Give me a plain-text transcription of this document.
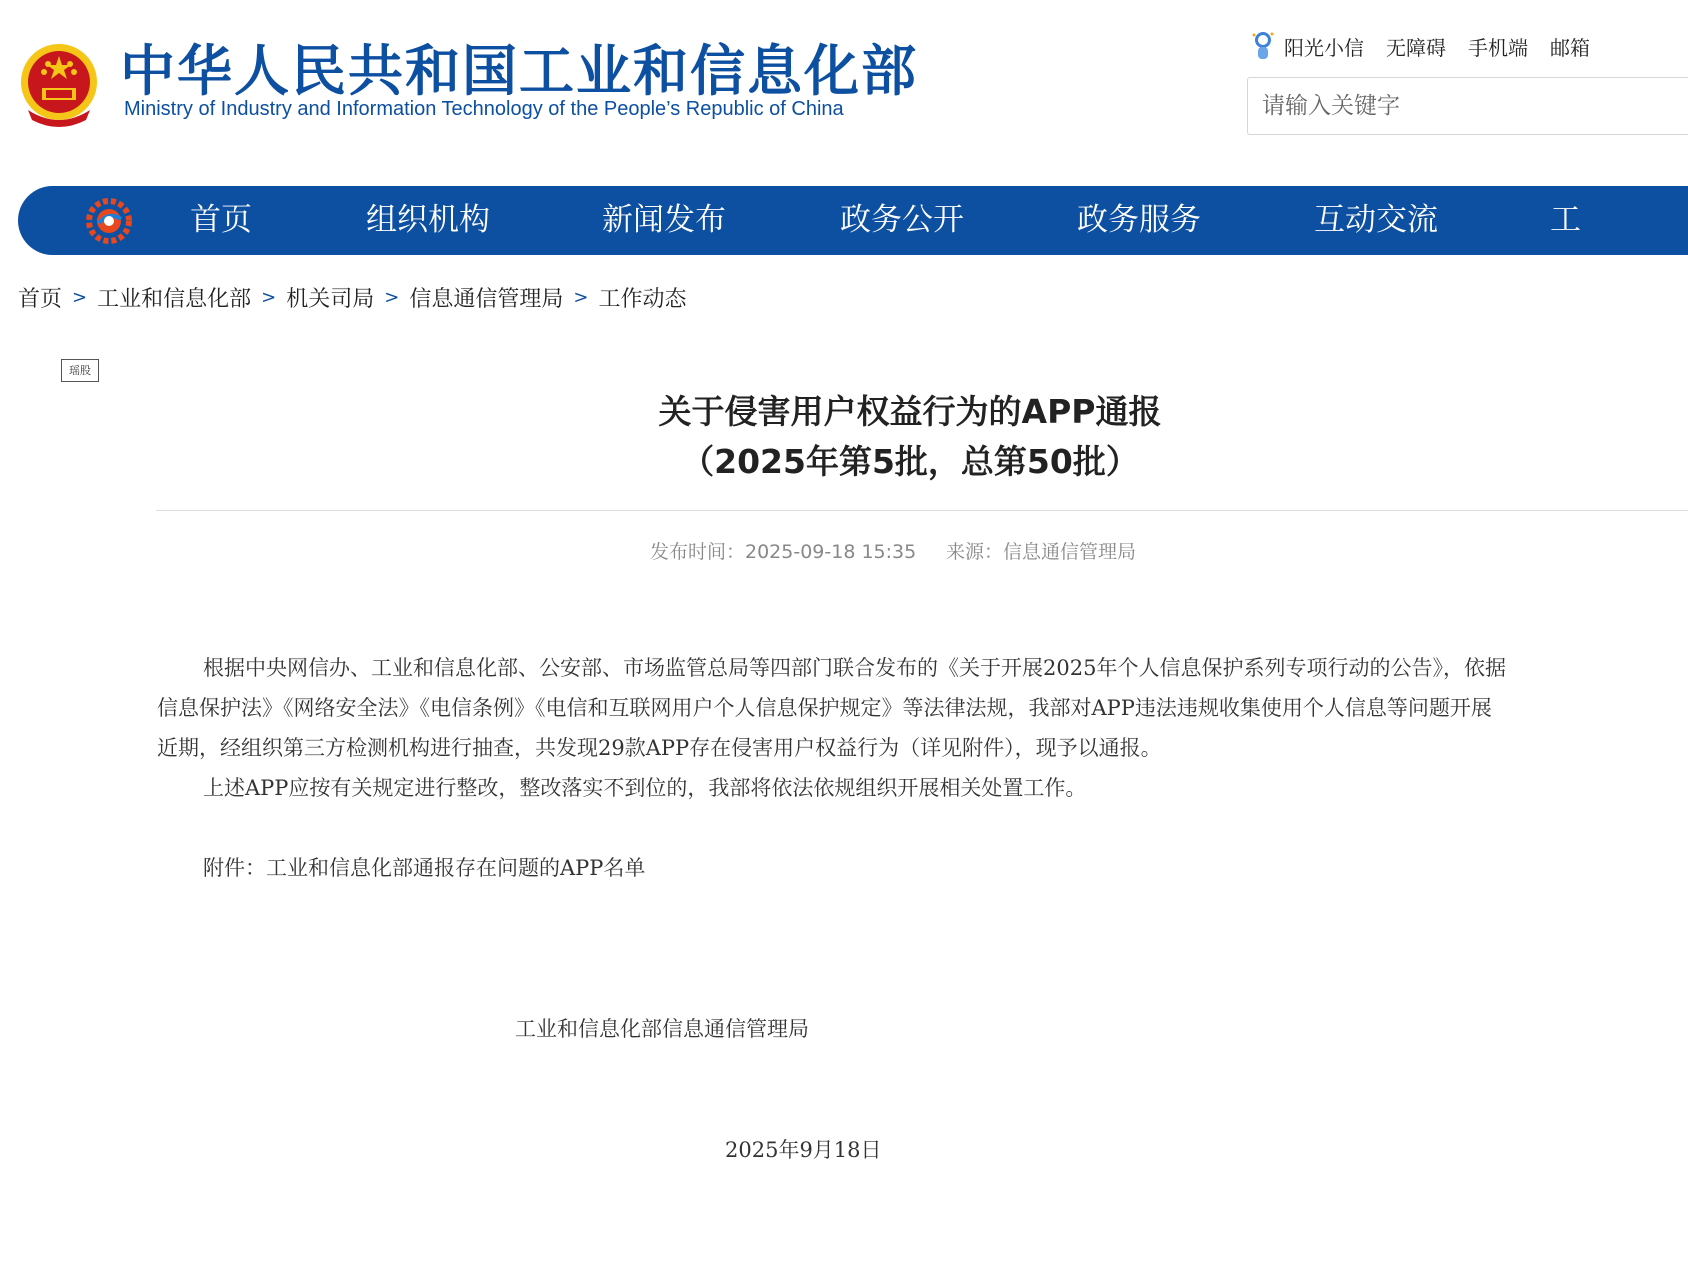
中华人民共和国工业和信息化部
Ministry of Industry and Information Technology of the People’s Republic of China
阳光小信 无障碍 手机端 邮箱
请输入关键字
首页	组织机构	新闻发布	政务公开	政务服务	互动交流	工
首页 > 工业和信息化部 > 机关司局 > 信息通信管理局 > 工作动态
瑶股
关于侵害用户权益行为的APP通报
（2025年第5批，总第50批）
发布时间：2025-09-18 15:35 来源：信息通信管理局
根据中央网信办、工业和信息化部、公安部、市场监管总局等四部门联合发布的《关于开展2025年个人信息保护系列专项行动的公告》，依据
信息保护法》《网络安全法》《电信条例》《电信和互联网用户个人信息保护规定》等法律法规，我部对APP违法违规收集使用个人信息等问题开展
近期，经组织第三方检测机构进行抽查，共发现29款APP存在侵害用户权益行为（详见附件），现予以通报。
上述APP应按有关规定进行整改，整改落实不到位的，我部将依法依规组织开展相关处置工作。
附件：工业和信息化部通报存在问题的APP名单
工业和信息化部信息通信管理局
2025年9月18日
